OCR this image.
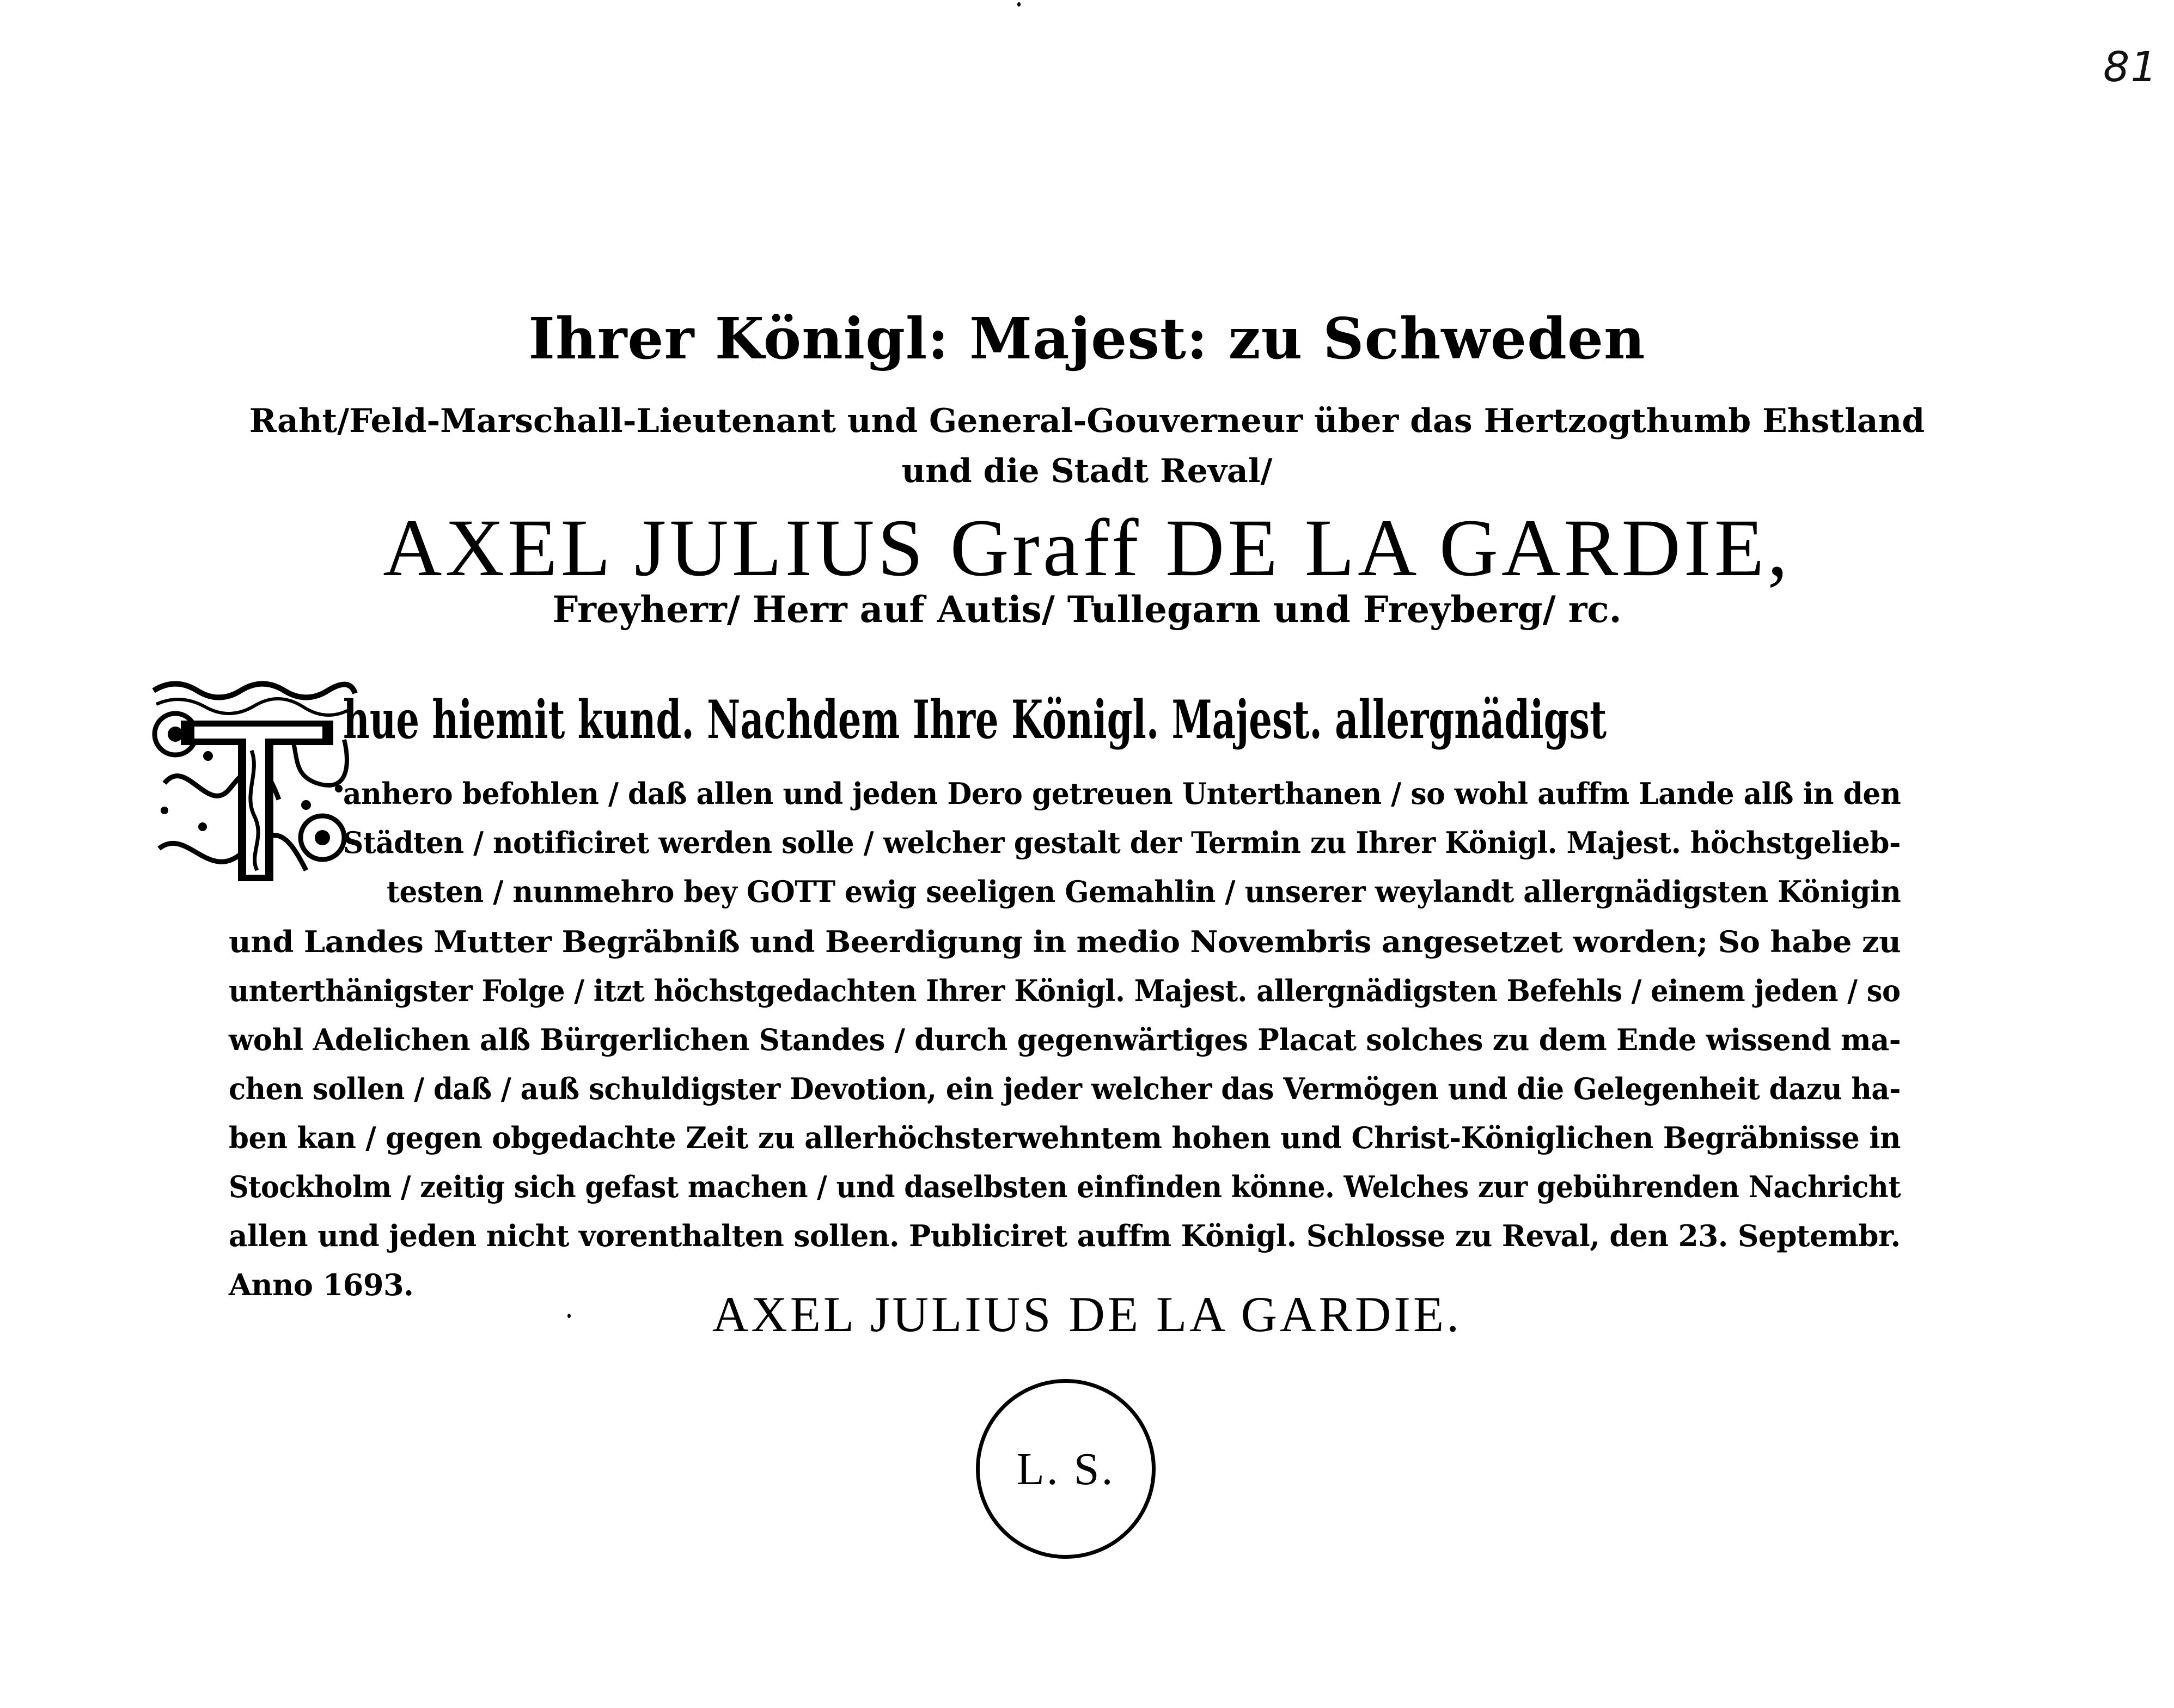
81
Ihrer Königl: Majest: zu Schweden
Raht/Feld-Marschall-Lieutenant und General-Gouverneur über das Hertzogthumb Ehstland
und die Stadt Reval/
AXEL JULIUS Graff DE LA GARDIE,
Freyherr/ Herr auf Autis/ Tullegarn und Freyberg/ rc.
hue hiemit kund. Nachdem Ihre Königl. Majest. allergnädigst
anhero befohlen / daß allen und jeden Dero getreuen Unterthanen / so wohl auffm Lande alß in den
Städten / notificiret werden solle / welcher gestalt der Termin zu Ihrer Königl. Majest. höchstgelieb-
testen / nunmehro bey GOTT ewig seeligen Gemahlin / unserer weylandt allergnädigsten Königin
und Landes Mutter Begräbniß und Beerdigung in medio Novembris angesetzet worden; So habe zu
unterthänigster Folge / itzt höchstgedachten Ihrer Königl. Majest. allergnädigsten Befehls / einem jeden / so
wohl Adelichen alß Bürgerlichen Standes / durch gegenwärtiges Placat solches zu dem Ende wissend ma-
chen sollen / daß / auß schuldigster Devotion, ein jeder welcher das Vermögen und die Gelegenheit dazu ha-
ben kan / gegen obgedachte Zeit zu allerhöchsterwehntem hohen und Christ-Königlichen Begräbnisse in
Stockholm / zeitig sich gefast machen / und daselbsten einfinden könne. Welches zur gebührenden Nachricht
allen und jeden nicht vorenthalten sollen. Publiciret auffm Königl. Schlosse zu Reval, den 23. Septembr.
Anno 1693.
AXEL JULIUS DE LA GARDIE.
L. S.
